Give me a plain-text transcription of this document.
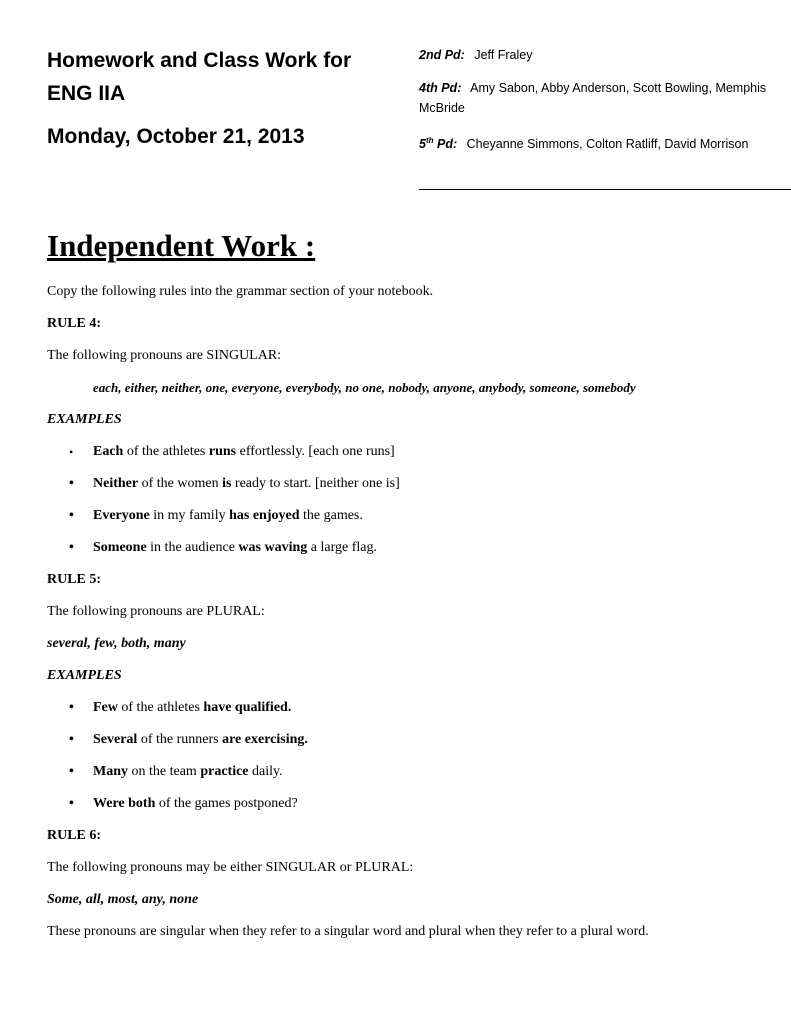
Homework and Class Work for
ENG IIA
Monday, October 21, 2013
2nd Pd: Jeff Fraley
4th Pd: Amy Sabon, Abby Anderson, Scott Bowling, Memphis McBride
5th Pd: Cheyanne Simmons, Colton Ratliff, David Morrison
Independent Work :

Copy the following rules into the grammar section of your notebook.

RULE 4:

The following pronouns are SINGULAR:

each, either, neither, one, everyone, everybody, no one, nobody, anyone, anybody, someone, somebody

EXAMPLES

• Each of the athletes runs effortlessly. [each one runs]
• Neither of the women is ready to start. [neither one is]
• Everyone in my family has enjoyed the games.
• Someone in the audience was waving a large flag.

RULE 5:

The following pronouns are PLURAL:

several, few, both, many

EXAMPLES

• Few of the athletes have qualified.
• Several of the runners are exercising.
• Many on the team practice daily.
• Were both of the games postponed?

RULE 6:

The following pronouns may be either SINGULAR or PLURAL:

Some, all, most, any, none

These pronouns are singular when they refer to a singular word and plural when they refer to a plural word.
